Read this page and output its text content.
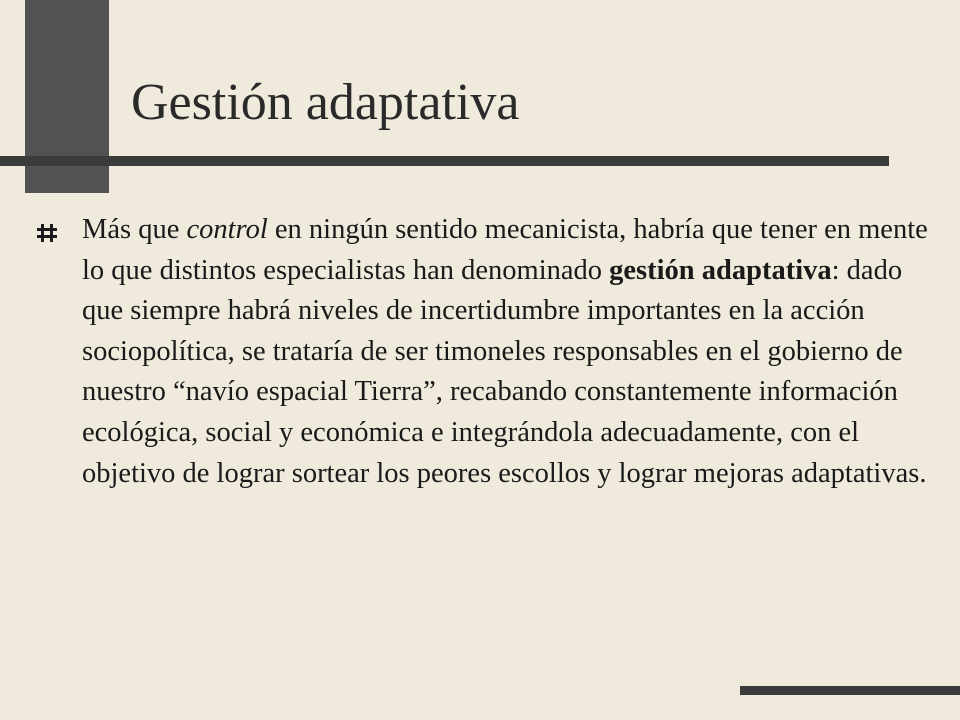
Gestión adaptativa

Más que control en ningún sentido mecanicista, habría que tener en mente lo que distintos especialistas han denominado gestión adaptativa: dado que siempre habrá niveles de incertidumbre importantes en la acción sociopolítica, se trataría de ser timoneles responsables en el gobierno de nuestro “navío espacial Tierra”, recabando constantemente información ecológica, social y económica e integrándola adecuadamente, con el objetivo de lograr sortear los peores escollos y lograr mejoras adaptativas.
